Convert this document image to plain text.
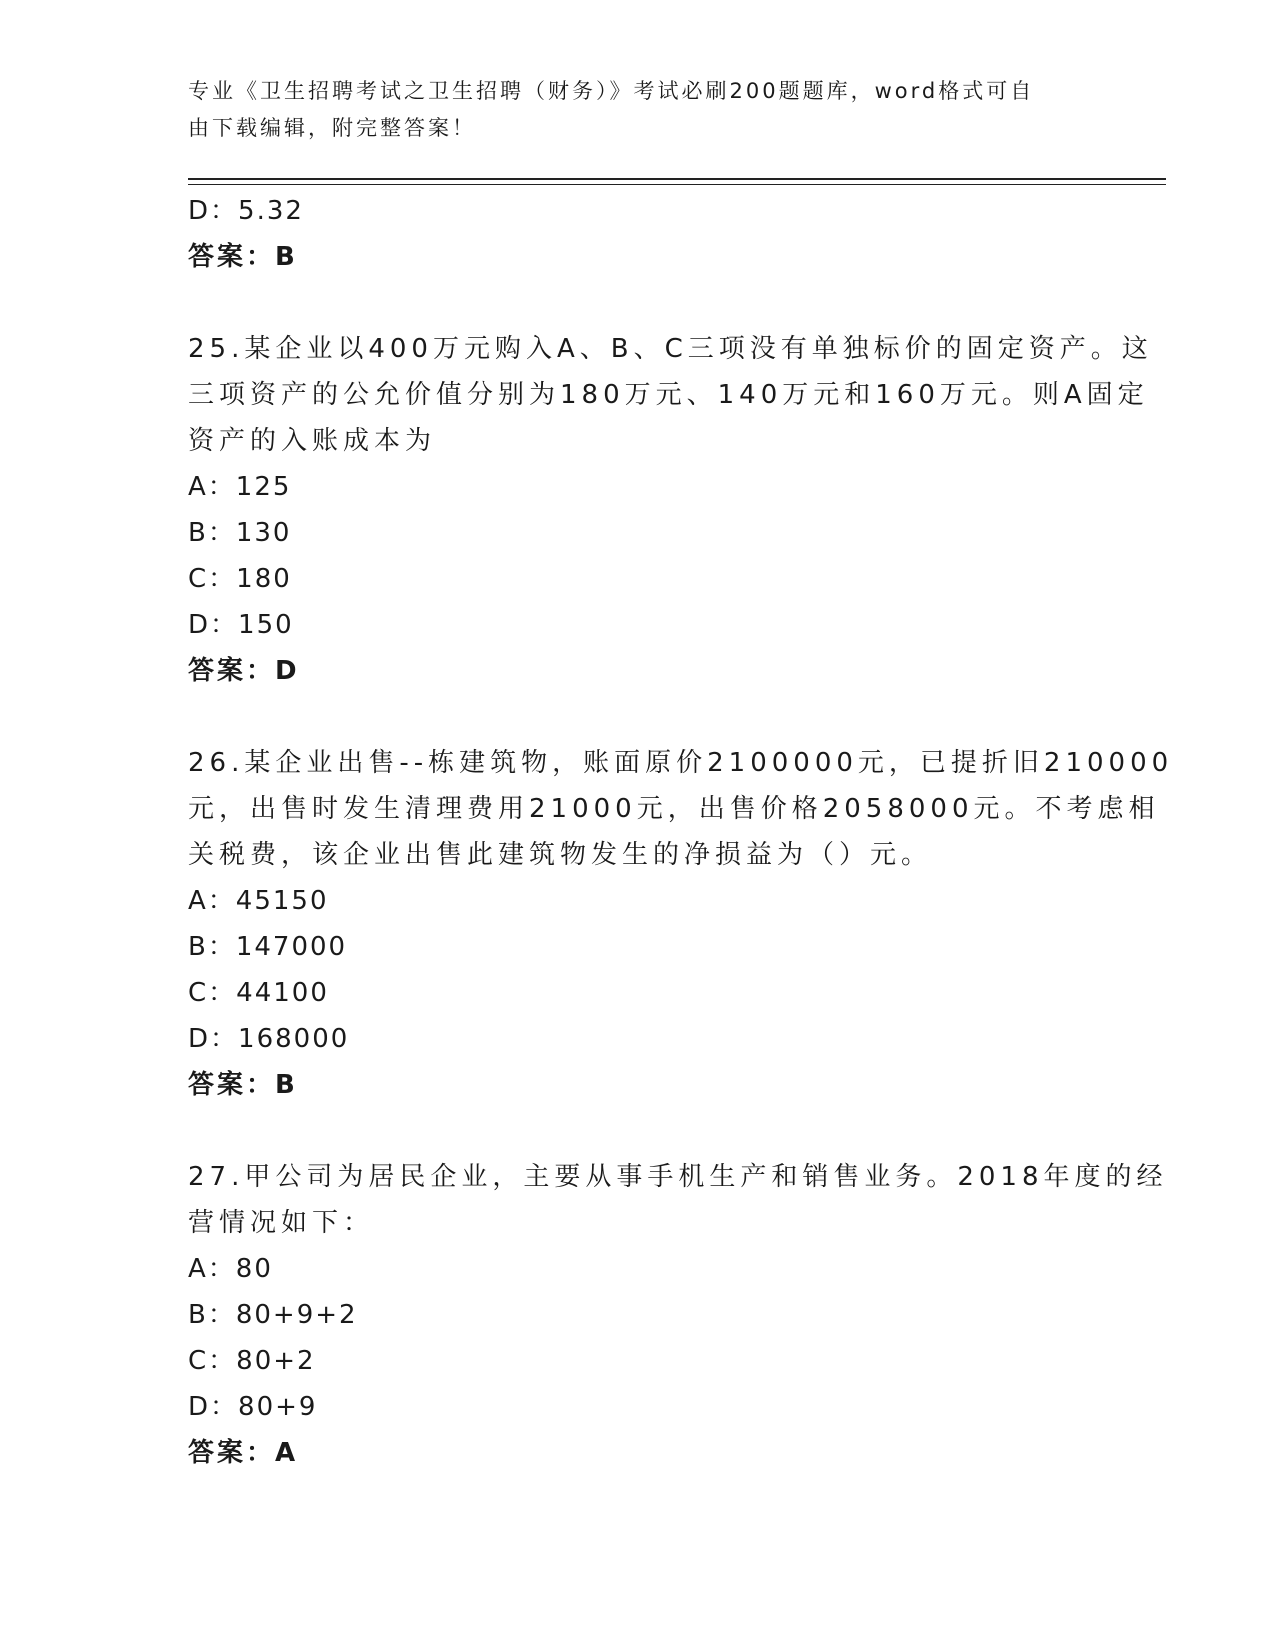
专业《卫生招聘考试之卫生招聘（财务）》考试必刷200题题库，word格式可自
由下载编辑，附完整答案！
D：5.32
答案：B
25.某企业以400万元购入A、B、C三项没有单独标价的固定资产。这
三项资产的公允价值分别为180万元、140万元和160万元。则A固定
资产的入账成本为
A：125
B：130
C：180
D：150
答案：D
26.某企业出售--栋建筑物，账面原价2100000元，已提折旧210000
元，出售时发生清理费用21000元，出售价格2058000元。不考虑相
关税费，该企业出售此建筑物发生的净损益为（）元。
A：45150
B：147000
C：44100
D：168000
答案：B
27.甲公司为居民企业，主要从事手机生产和销售业务。2018年度的经
营情况如下：
A：80
B：80+9+2
C：80+2
D：80+9
答案：A
